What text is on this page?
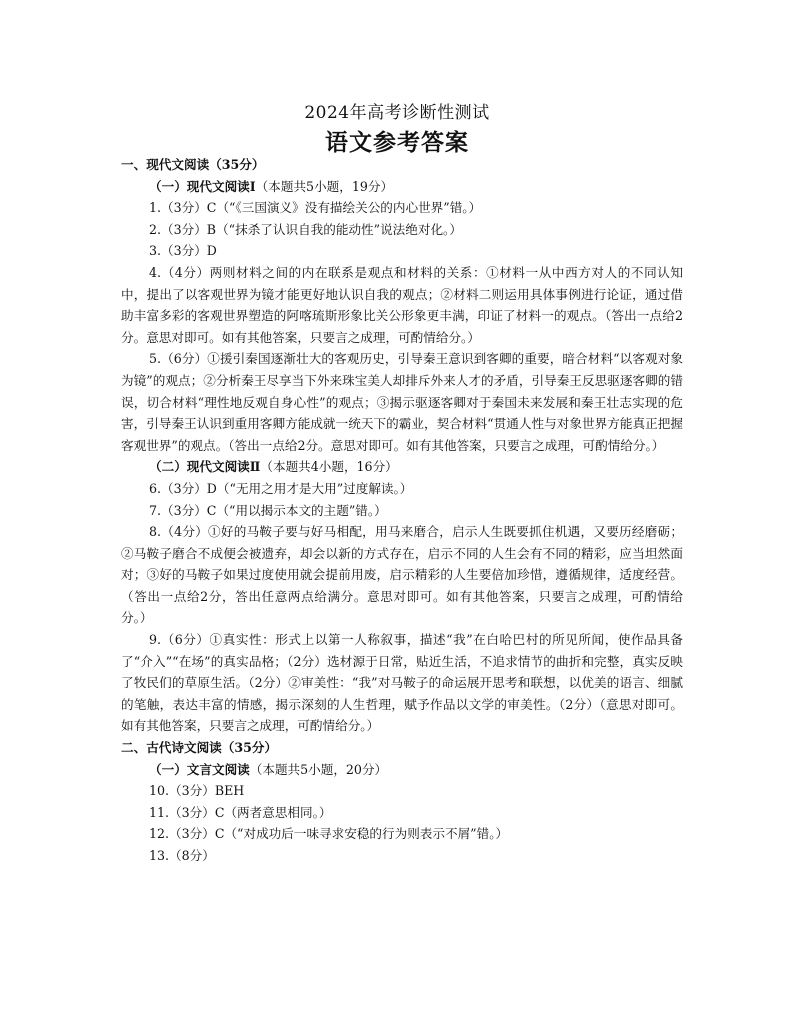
2024年高考诊断性测试
语文参考答案

一、现代文阅读（35分）

（一）现代文阅读Ⅰ（本题共5小题，19分）

1.（3分）C（“《三国演义》没有描绘关公的内心世界”错。）

2.（3分）B（“抹杀了认识自我的能动性”说法绝对化。）

3.（3分）D

4.（4分）两则材料之间的内在联系是观点和材料的关系：①材料一从中西方对人的不同认知中，提出了以客观世界为镜才能更好地认识自我的观点；②材料二则运用具体事例进行论证，通过借助丰富多彩的客观世界塑造的阿喀琉斯形象比关公形象更丰满，印证了材料一的观点。（答出一点给2分。意思对即可。如有其他答案，只要言之成理，可酌情给分。）

5.（6分）①援引秦国逐渐壮大的客观历史，引导秦王意识到客卿的重要，暗合材料“以客观对象为镜”的观点；②分析秦王尽享当下外来珠宝美人却排斥外来人才的矛盾，引导秦王反思驱逐客卿的错误，切合材料“理性地反观自身心性”的观点；③揭示驱逐客卿对于秦国未来发展和秦王壮志实现的危害，引导秦王认识到重用客卿方能成就一统天下的霸业，契合材料“贯通人性与对象世界方能真正把握客观世界”的观点。（答出一点给2分。意思对即可。如有其他答案，只要言之成理，可酌情给分。）

（二）现代文阅读Ⅱ（本题共4小题，16分）

6.（3分）D（“无用之用才是大用”过度解读。）

7.（3分）C（“用以揭示本文的主题”错。）

8.（4分）①好的马鞍子要与好马相配，用马来磨合，启示人生既要抓住机遇，又要历经磨砺；②马鞍子磨合不成便会被遗弃，却会以新的方式存在，启示不同的人生会有不同的精彩，应当坦然面对；③好的马鞍子如果过度使用就会提前用废，启示精彩的人生要倍加珍惜，遵循规律，适度经营。（答出一点给2分，答出任意两点给满分。意思对即可。如有其他答案，只要言之成理，可酌情给分。）

9.（6分）①真实性：形式上以第一人称叙事，描述“我”在白哈巴村的所见所闻，使作品具备了“介入”“在场”的真实品格；（2分）选材源于日常，贴近生活，不追求情节的曲折和完整，真实反映了牧民们的草原生活。（2分）②审美性：“我”对马鞍子的命运展开思考和联想，以优美的语言、细腻的笔触，表达丰富的情感，揭示深刻的人生哲理，赋予作品以文学的审美性。（2分）（意思对即可。如有其他答案，只要言之成理，可酌情给分。）

二、古代诗文阅读（35分）

（一）文言文阅读（本题共5小题，20分）

10.（3分）BEH

11.（3分）C（两者意思相同。）

12.（3分）C（“对成功后一味寻求安稳的行为则表示不屑”错。）

13.（8分）
